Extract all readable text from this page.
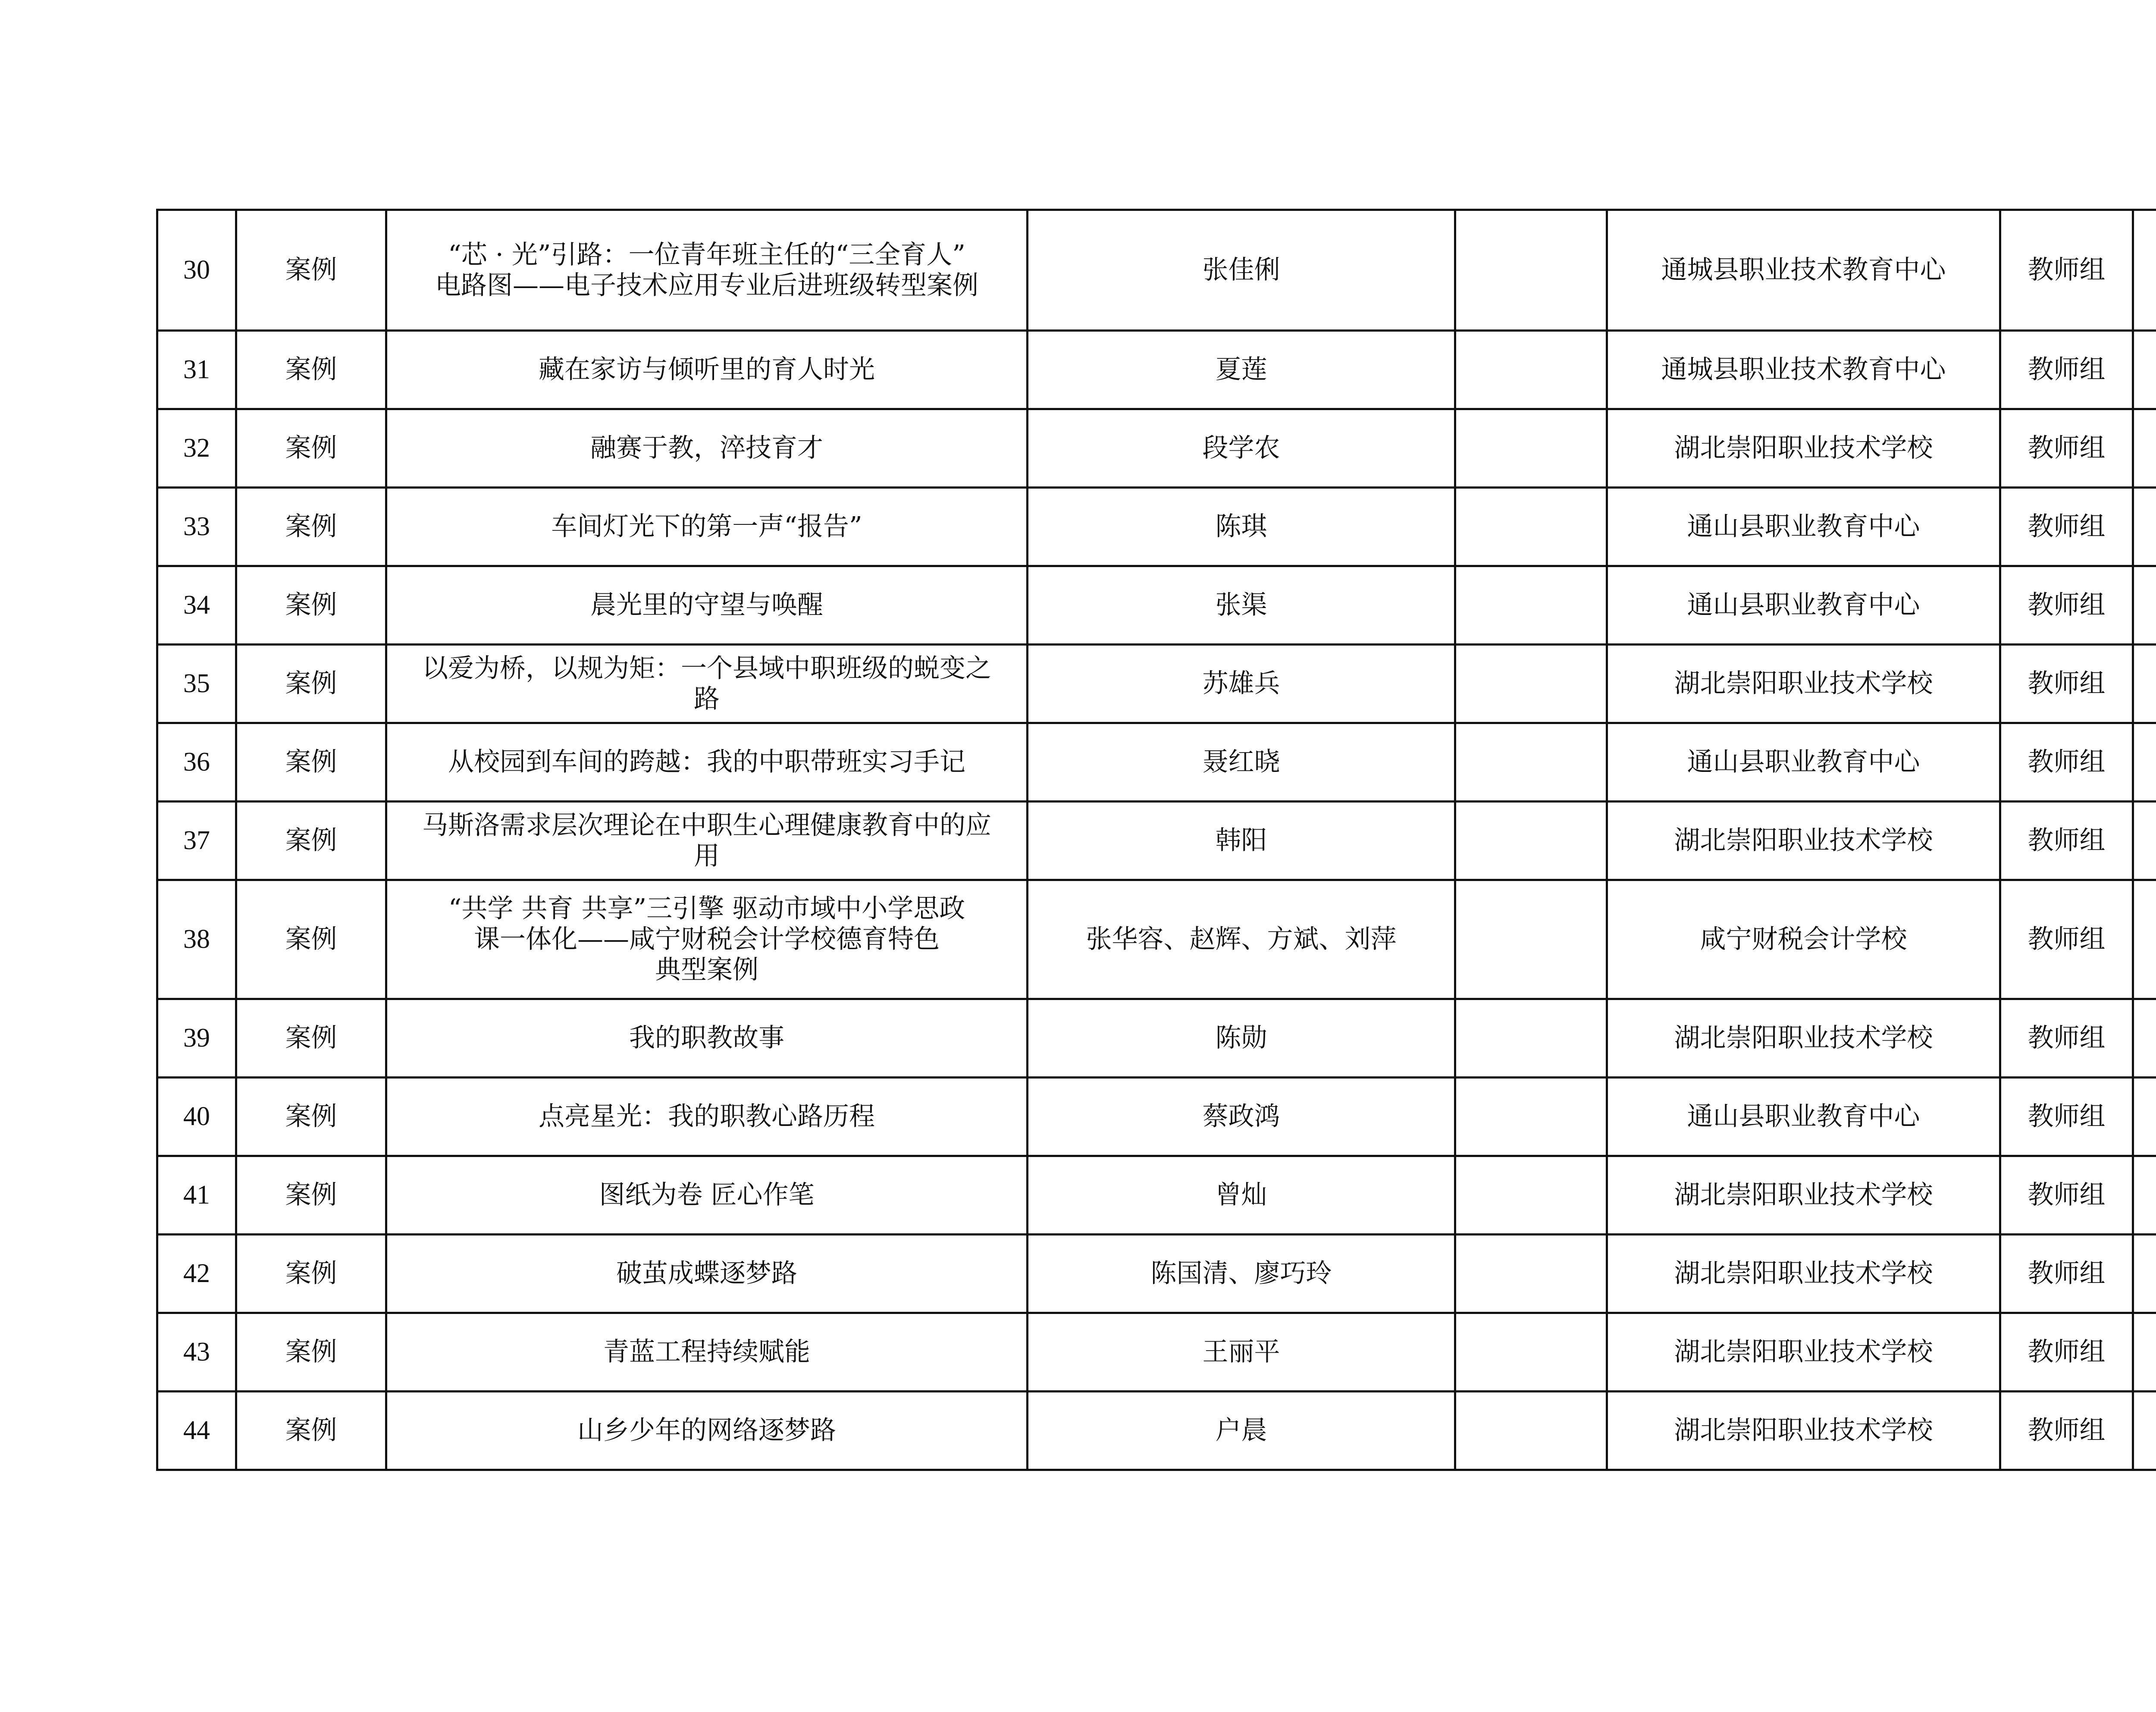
30	案例	“芯 · 光”引路：一位青年班主任的“三全育人”
电路图——电子技术应用专业后进班级转型案例	张佳俐		通城县职业技术教育中心	教师组	
31	案例	藏在家访与倾听里的育人时光	夏莲		通城县职业技术教育中心	教师组	
32	案例	融赛于教，淬技育才	段学农		湖北崇阳职业技术学校	教师组	
33	案例	车间灯光下的第一声“报告”	陈琪		通山县职业教育中心	教师组	
34	案例	晨光里的守望与唤醒	张渠		通山县职业教育中心	教师组	
35	案例	以爱为桥，以规为矩：一个县域中职班级的蜕变之
路	苏雄兵		湖北崇阳职业技术学校	教师组	
36	案例	从校园到车间的跨越：我的中职带班实习手记	聂红晓		通山县职业教育中心	教师组	
37	案例	马斯洛需求层次理论在中职生心理健康教育中的应
用	韩阳		湖北崇阳职业技术学校	教师组	
38	案例	“共学 共育 共享”三引擎 驱动市域中小学思政
课一体化——咸宁财税会计学校德育特色
典型案例	张华容、赵辉、方斌、刘萍		咸宁财税会计学校	教师组	
39	案例	我的职教故事	陈勋		湖北崇阳职业技术学校	教师组	
40	案例	点亮星光：我的职教心路历程	蔡政鸿		通山县职业教育中心	教师组	
41	案例	图纸为卷 匠心作笔	曾灿		湖北崇阳职业技术学校	教师组	
42	案例	破茧成蝶逐梦路	陈国清、廖巧玲		湖北崇阳职业技术学校	教师组	
43	案例	青蓝工程持续赋能	王丽平		湖北崇阳职业技术学校	教师组	
44	案例	山乡少年的网络逐梦路	户晨		湖北崇阳职业技术学校	教师组	
